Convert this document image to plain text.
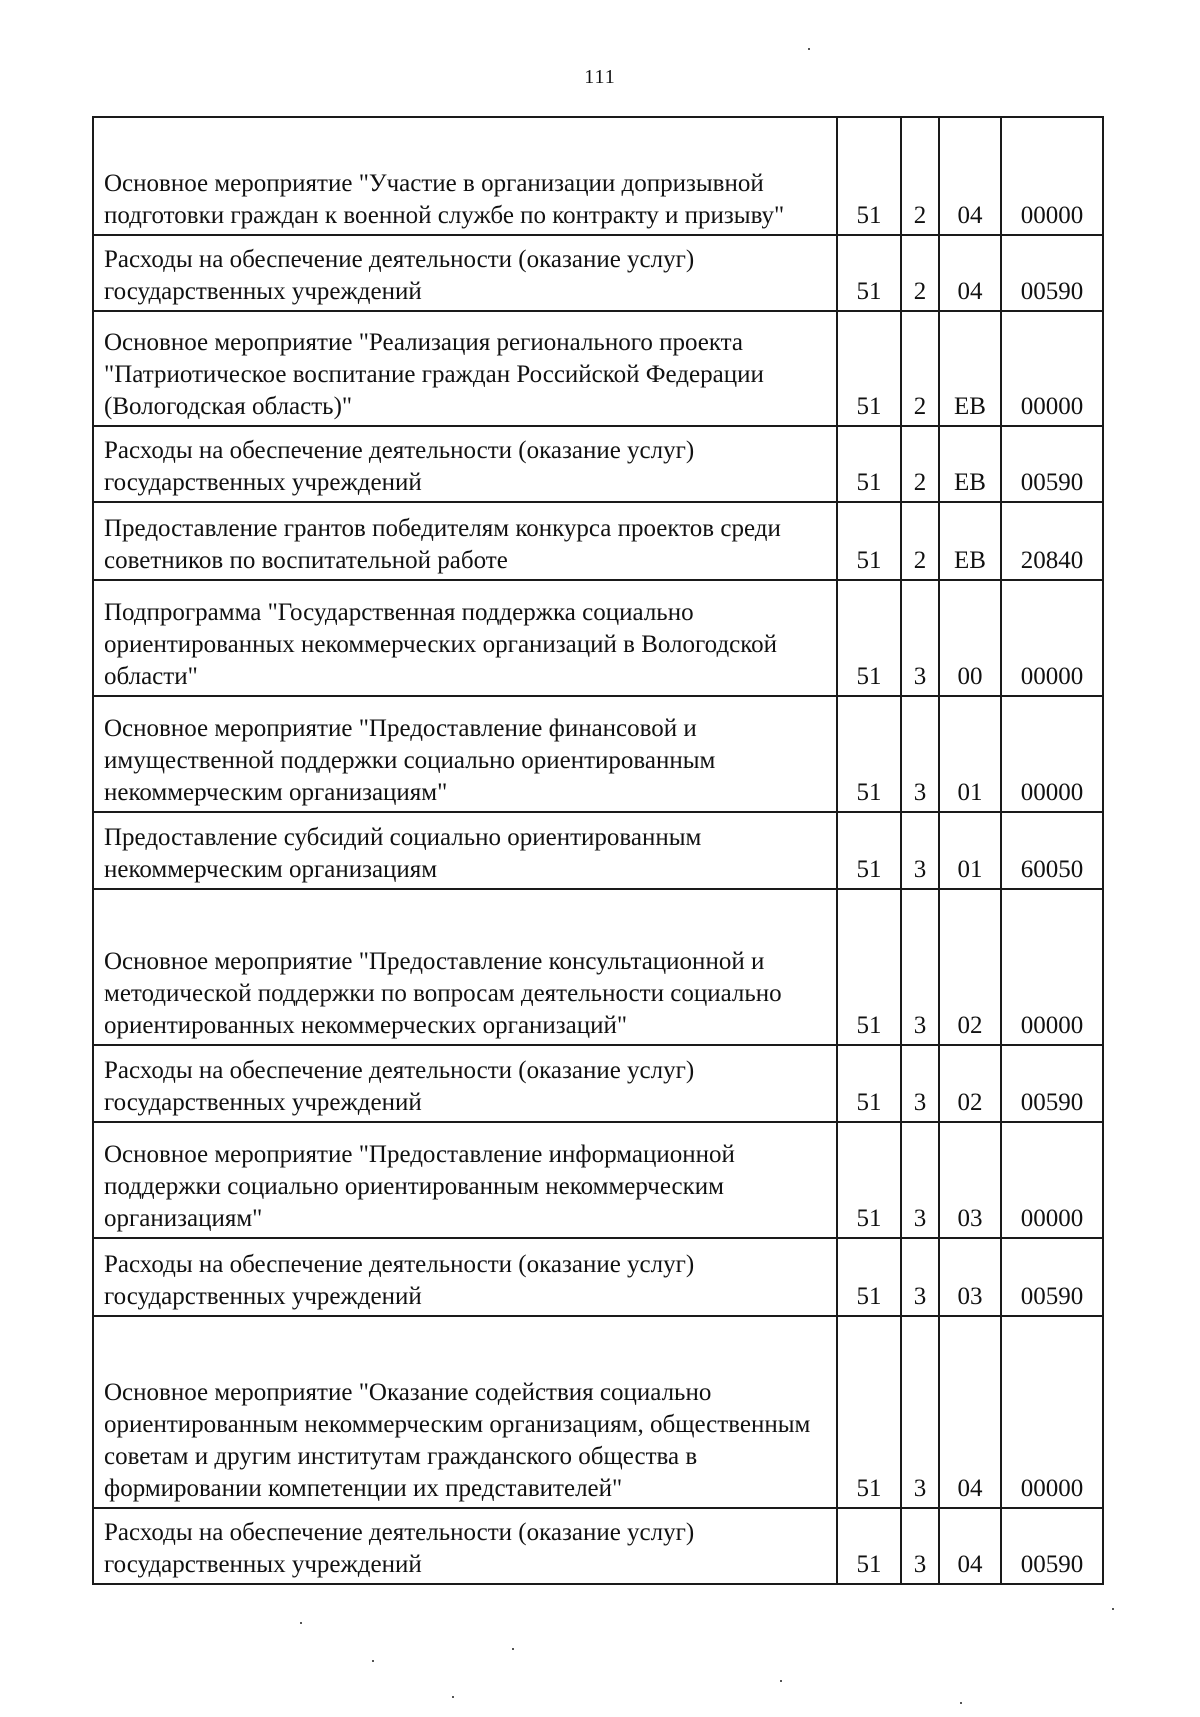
111
Основное мероприятие "Участие в организации допризывной подготовки граждан к военной службе по контракту и призыву"	51	2	04	00000

Расходы на обеспечение деятельности (оказание услуг) государственных учреждений	51	2	04	00590

Основное мероприятие "Реализация регионального проекта "Патриотическое воспитание граждан Российской Федерации (Вологодская область)"	51	2	ЕВ	00000

Расходы на обеспечение деятельности (оказание услуг) государственных учреждений	51	2	ЕВ	00590

Предоставление грантов победителям конкурса проектов среди советников по воспитательной работе	51	2	ЕВ	20840

Подпрограмма "Государственная поддержка социально ориентированных некоммерческих организаций в Вологодской области"	51	3	00	00000

Основное мероприятие "Предоставление финансовой и имущественной поддержки социально ориентированным некоммерческим организациям"	51	3	01	00000

Предоставление субсидий социально ориентированным некоммерческим организациям	51	3	01	60050

Основное мероприятие "Предоставление консультационной и методической поддержки по вопросам деятельности социально ориентированных некоммерческих организаций"	51	3	02	00000

Расходы на обеспечение деятельности (оказание услуг) государственных учреждений	51	3	02	00590

Основное мероприятие "Предоставление информационной поддержки социально ориентированным некоммерческим организациям"	51	3	03	00000

Расходы на обеспечение деятельности (оказание услуг) государственных учреждений	51	3	03	00590

Основное мероприятие "Оказание содействия социально ориентированным некоммерческим организациям, общественным советам и другим институтам гражданского общества в формировании компетенции их представителей"	51	3	04	00000

Расходы на обеспечение деятельности (оказание услуг) государственных учреждений	51	3	04	00590
